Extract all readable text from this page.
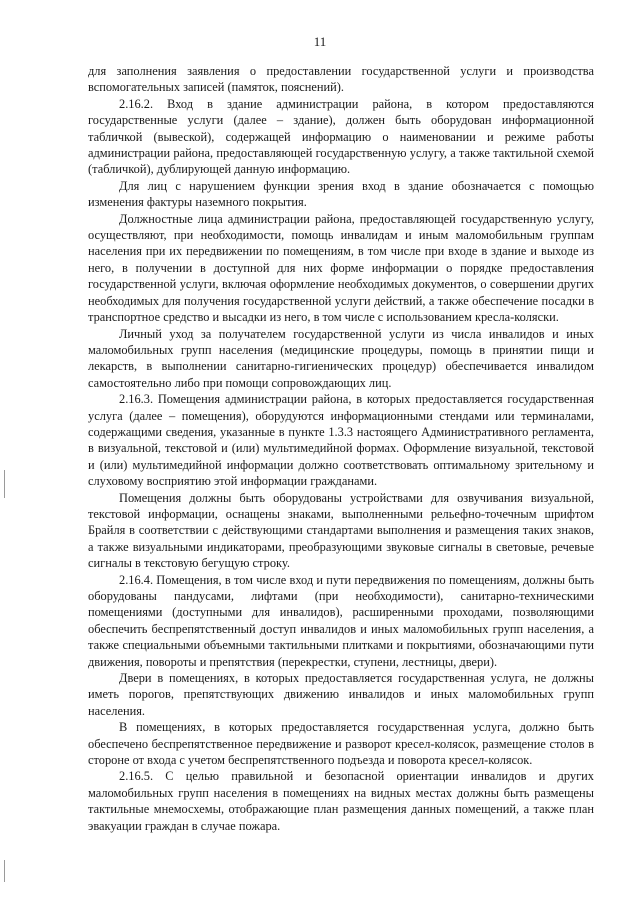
11

для заполнения заявления о предоставлении государственной услуги и производства вспомогательных записей (памяток, пояснений).

2.16.2. Вход в здание администрации района, в котором предоставляются государственные услуги (далее – здание), должен быть оборудован информационной табличкой (вывеской), содержащей информацию о наименовании и режиме работы администрации района, предоставляющей государственную услугу, а также тактильной схемой (табличкой), дублирующей данную информацию.

Для лиц с нарушением функции зрения вход в здание обозначается с помощью изменения фактуры наземного покрытия.

Должностные лица администрации района, предоставляющей государственную услугу, осуществляют, при необходимости, помощь инвалидам и иным маломобильным группам населения при их передвижении по помещениям, в том числе при входе в здание и выходе из него, в получении в доступной для них форме информации о порядке предоставления государственной услуги, включая оформление необходимых документов, о совершении других необходимых для получения государственной услуги действий, а также обеспечение посадки в транспортное средство и высадки из него, в том числе с использованием кресла-коляски.

Личный уход за получателем государственной услуги из числа инвалидов и иных маломобильных групп населения (медицинские процедуры, помощь в принятии пищи и лекарств, в выполнении санитарно-гигиенических процедур) обеспечивается инвалидом самостоятельно либо при помощи сопровождающих лиц.

2.16.3. Помещения администрации района, в которых предоставляется государственная услуга (далее – помещения), оборудуются информационными стендами или терминалами, содержащими сведения, указанные в пункте 1.3.3 настоящего Административного регламента, в визуальной, текстовой и (или) мультимедийной формах. Оформление визуальной, текстовой и (или) мультимедийной информации должно соответствовать оптимальному зрительному и слуховому восприятию этой информации гражданами.

Помещения должны быть оборудованы устройствами для озвучивания визуальной, текстовой информации, оснащены знаками, выполненными рельефно-точечным шрифтом Брайля в соответствии с действующими стандартами выполнения и размещения таких знаков, а также визуальными индикаторами, преобразующими звуковые сигналы в световые, речевые сигналы в текстовую бегущую строку.

2.16.4. Помещения, в том числе вход и пути передвижения по помещениям, должны быть оборудованы пандусами, лифтами (при необходимости), санитарно-техническими помещениями (доступными для инвалидов), расширенными проходами, позволяющими обеспечить беспрепятственный доступ инвалидов и иных маломобильных групп населения, а также специальными объемными тактильными плитками и покрытиями, обозначающими пути движения, повороты и препятствия (перекрестки, ступени, лестницы, двери).

Двери в помещениях, в которых предоставляется государственная услуга, не должны иметь порогов, препятствующих движению инвалидов и иных маломобильных групп населения.

В помещениях, в которых предоставляется государственная услуга, должно быть обеспечено беспрепятственное передвижение и разворот кресел-колясок, размещение столов в стороне от входа с учетом беспрепятственного подъезда и поворота кресел-колясок.

2.16.5. С целью правильной и безопасной ориентации инвалидов и других маломобильных групп населения в помещениях на видных местах должны быть размещены тактильные мнемосхемы, отображающие план размещения данных помещений, а также план эвакуации граждан в случае пожара.
